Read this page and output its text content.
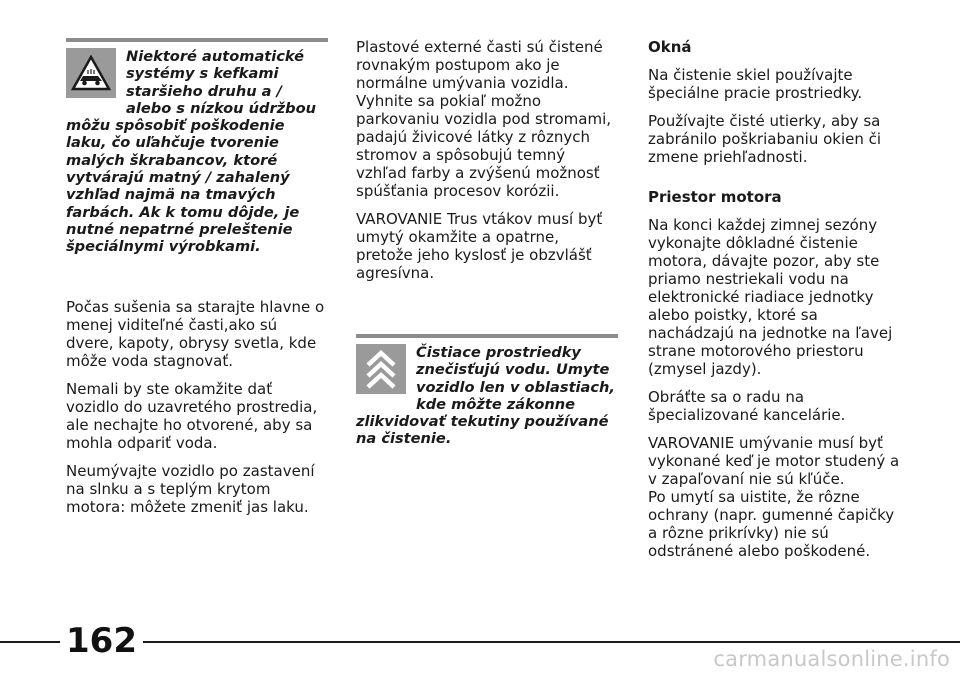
Niektoré automatické systémy s kefkami staršieho druhu a / alebo s nízkou údržbou môžu spôsobiť poškodenie laku, čo uľahčuje tvorenie malých škrabancov, ktoré vytvárajú matný / zahalený vzhľad najmä na tmavých farbách. Ak k tomu dôjde, je nutné nepatrné preleštenie špeciálnymi výrobkami.

Počas sušenia sa starajte hlavne o menej viditeľné časti,ako sú dvere, kapoty, obrysy svetla, kde môže voda stagnovať.

Nemali by ste okamžite dať vozidlo do uzavretého prostredia, ale nechajte ho otvorené, aby sa mohla odpariť voda.

Neumývajte vozidlo po zastavení na slnku a s teplým krytom motora: môžete zmeniť jas laku.

Plastové externé časti sú čistené rovnakým postupom ako je normálne umývania vozidla. Vyhnite sa pokiaľ možno parkovaniu vozidla pod stromami, padajú živicové látky z rôznych stromov a spôsobujú temný vzhľad farby a zvýšenú možnosť spúšťania procesov korózii.

VAROVANIE Trus vtákov musí byť umytý okamžite a opatrne, pretože jeho kyslosť je obzvlášť agresívna.

Čistiace prostriedky znečisťujú vodu. Umyte vozidlo len v oblastiach, kde môžte zákonne zlikvidovať tekutiny používané na čistenie.
Okná

Na čistenie skiel používajte špeciálne pracie prostriedky.

Používajte čisté utierky, aby sa zabránilo poškriabaniu okien či zmene priehľadnosti.

Priestor motora

Na konci každej zimnej sezóny vykonajte dôkladné čistenie motora, dávajte pozor, aby ste priamo nestriekali vodu na elektronické riadiace jednotky alebo poistky, ktoré sa nachádzajú na jednotke na ľavej strane motorového priestoru (zmysel jazdy).

Obráťte sa o radu na špecializované kancelárie.

VAROVANIE umývanie musí byť vykonané keď je motor studený a v zapaľovaní nie sú kľúče.
Po umytí sa uistite, že rôzne ochrany (napr. gumenné čapičky a rôzne prikrívky) nie sú odstránené alebo poškodené.

162	carmanualsonline.info
